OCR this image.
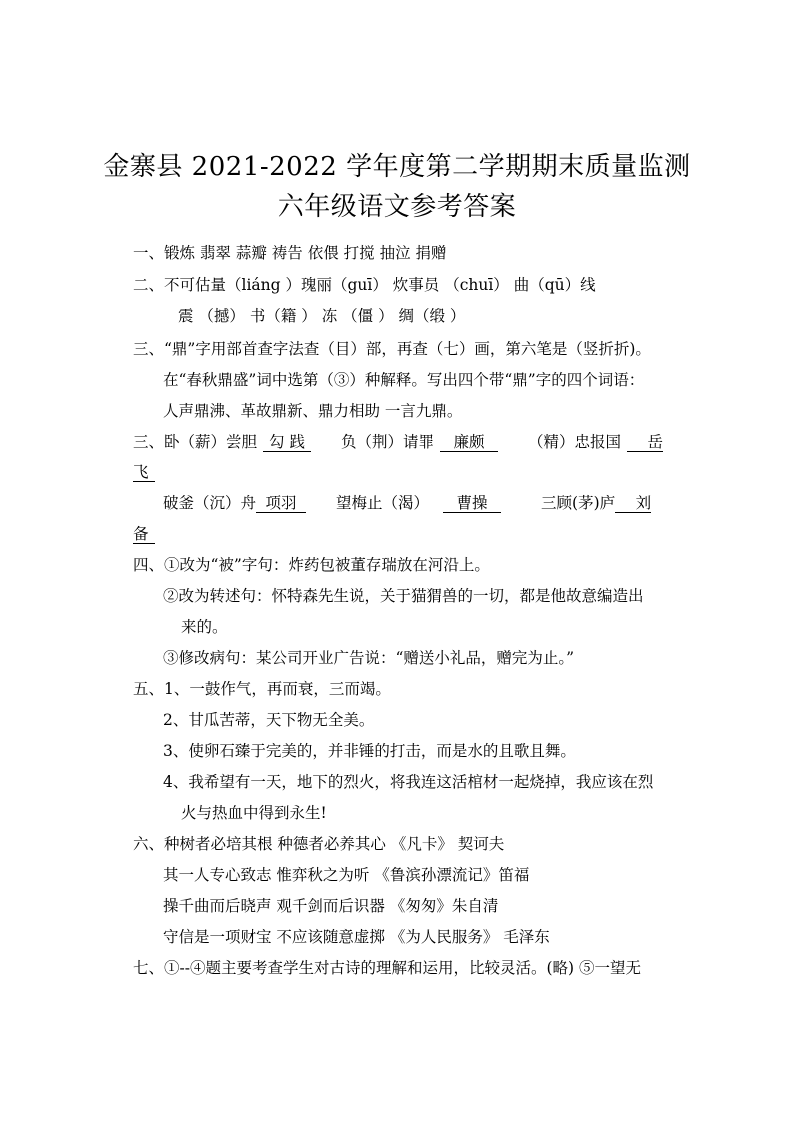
金寨县 2021-2022 学年度第二学期期末质量监测
六年级语文参考答案
一、锻炼 翡翠 蒜瓣 祷告 依偎 打搅 抽泣 捐赠
二、不可估量（liáng ）瑰丽（guī） 炊事员 （chuī） 曲（qū）线
震 （撼） 书（籍 ） 冻 （僵 ） 绸（缎 ）
三、“鼎”字用部首查字法查（目）部，再查（七）画，第六笔是（竖折折)。
在“春秋鼎盛”词中选第（③）种解释。写出四个带“鼎”字的四个词语：
人声鼎沸、革故鼎新、鼎力相助 一言九鼎。
三、卧（薪）尝胆 勾 践 负（荆）请罪 廉颇	（精）忠报国 岳
飞
破釜（沉）舟 项羽	望梅止（渴） 曹操	三顾(茅)庐 刘
备
四、①改为“被”字句：炸药包被董存瑞放在河沿上。
②改为转述句：怀特森先生说，关于猫猬兽的一切，都是他故意编造出
来的。
③修改病句：某公司开业广告说：“赠送小礼品，赠完为止。”
五、1、一鼓作气，再而衰，三而竭。
2、甘瓜苦蒂，天下物无全美。
3、使卵石臻于完美的，并非锤的打击，而是水的且歌且舞。
4、我希望有一天，地下的烈火，将我连这活棺材一起烧掉，我应该在烈
火与热血中得到永生!
六、种树者必培其根 种德者必养其心 《凡卡》 契诃夫
其一人专心致志 惟弈秋之为听 《鲁滨孙漂流记》笛福
操千曲而后晓声 观千剑而后识器 《匆匆》朱自清
守信是一项财宝 不应该随意虚掷 《为人民服务》 毛泽东
七、①--④题主要考查学生对古诗的理解和运用，比较灵活。(略) ⑤一望无
